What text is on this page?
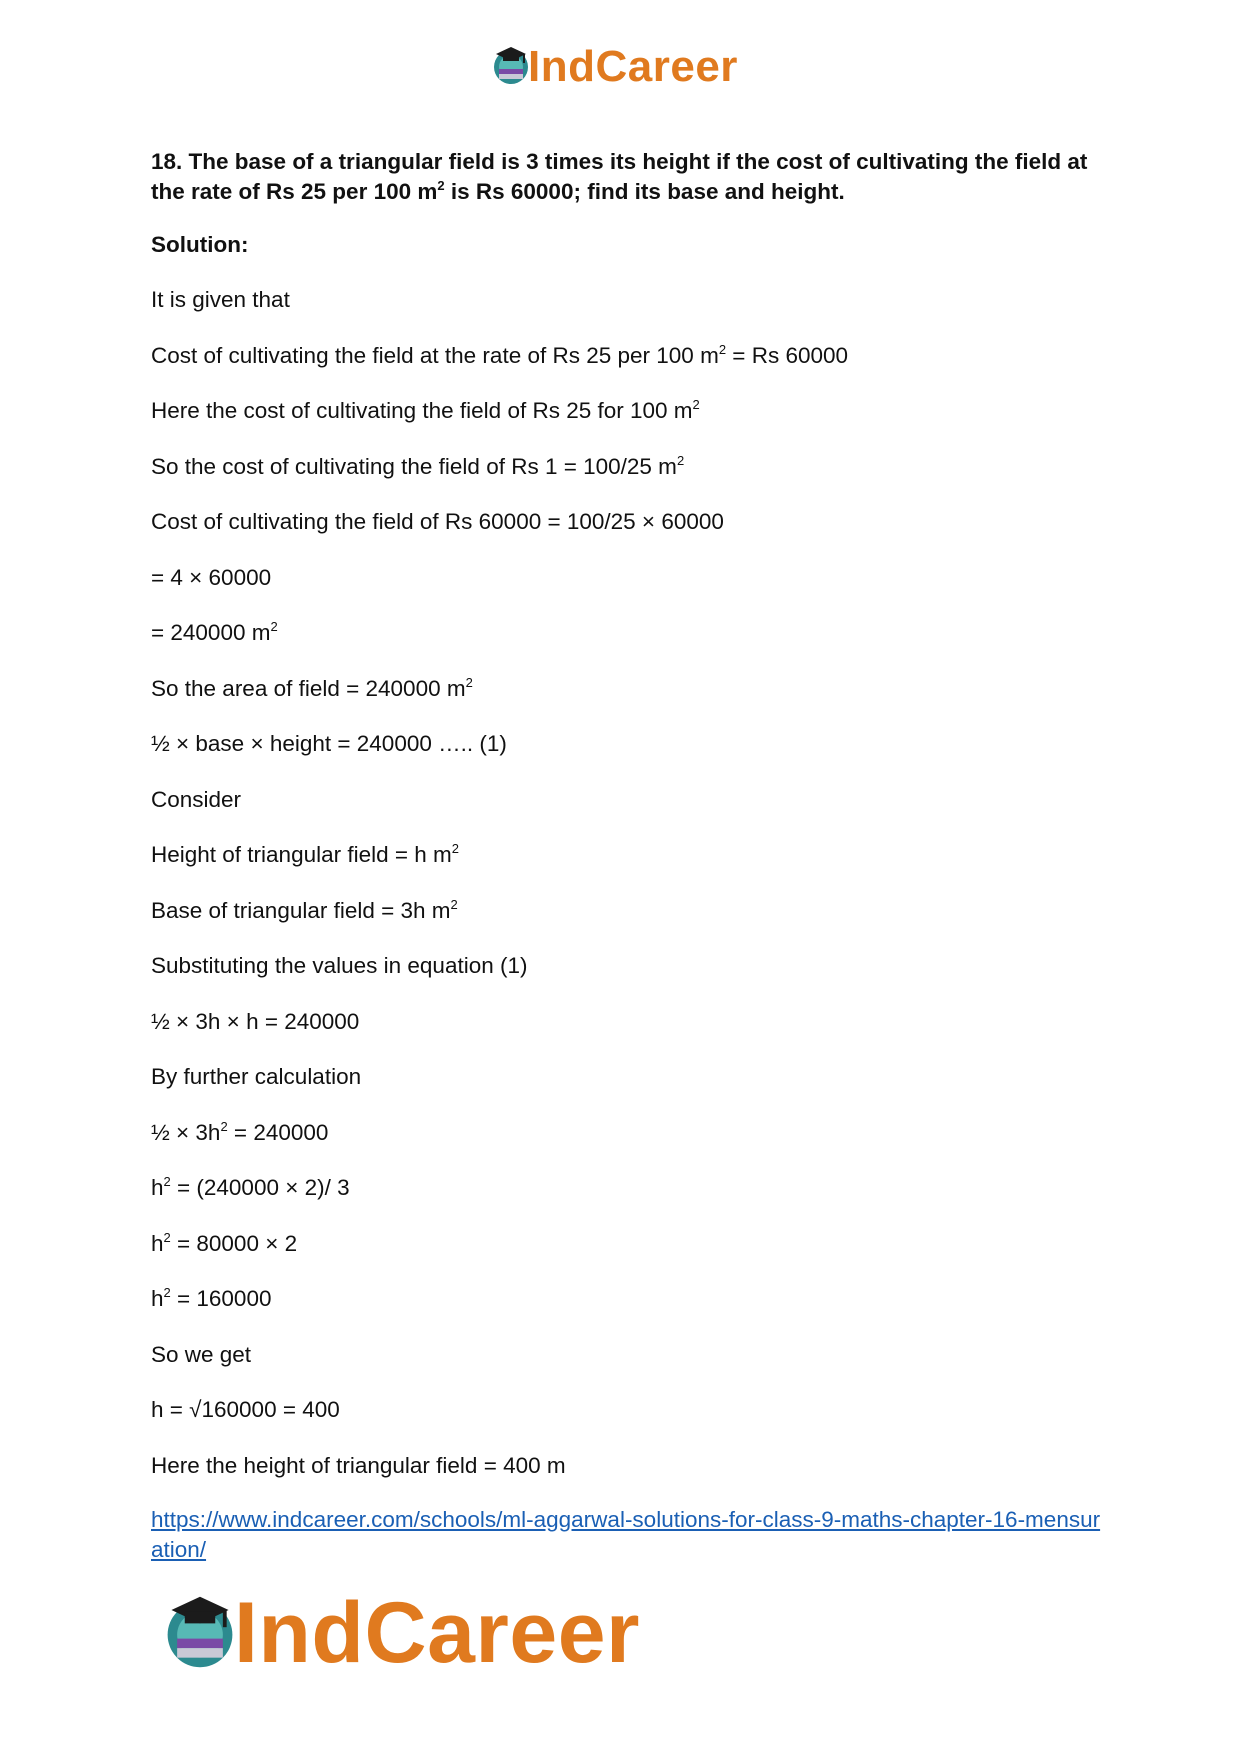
IndCareer

18. The base of a triangular field is 3 times its height if the cost of cultivating the field at the rate of Rs 25 per 100 $m^2$ is Rs 60000; find its base and height.

Solution:

It is given that

Cost of cultivating the field at the rate of Rs 25 per 100 $m^2 = Rs$ 60000

Here the cost of cultivating the field of Rs 25 for 100 $m^2$

So the cost of cultivating the field of Rs 1 = 100/25 $m^2$

Cost of cultivating the field of Rs 60000 = 100/25 × 60000

= 4 × 60000

= 240000 $m^2$

So the area of field = 240000 $m^2$

½ × base × height = 240000 ….. (1)

Consider

Height of triangular field = h $m^2$

Base of triangular field = 3h $m^2$

Substituting the values in equation (1)

½ × 3h × h = 240000

By further calculation

½ × $3h^2 = 240000$

$h^2 = (240000 \times 2)/$ 3

$h^2 = 80000 \times 2$

$h^2 = 160000$

So we get

h = √160000 = 400

Here the height of triangular field = 400 m

https://www.indcareer.com/schools/ml-aggarwal-solutions-for-class-9-maths-chapter-16-mensuration/
IndCareer
